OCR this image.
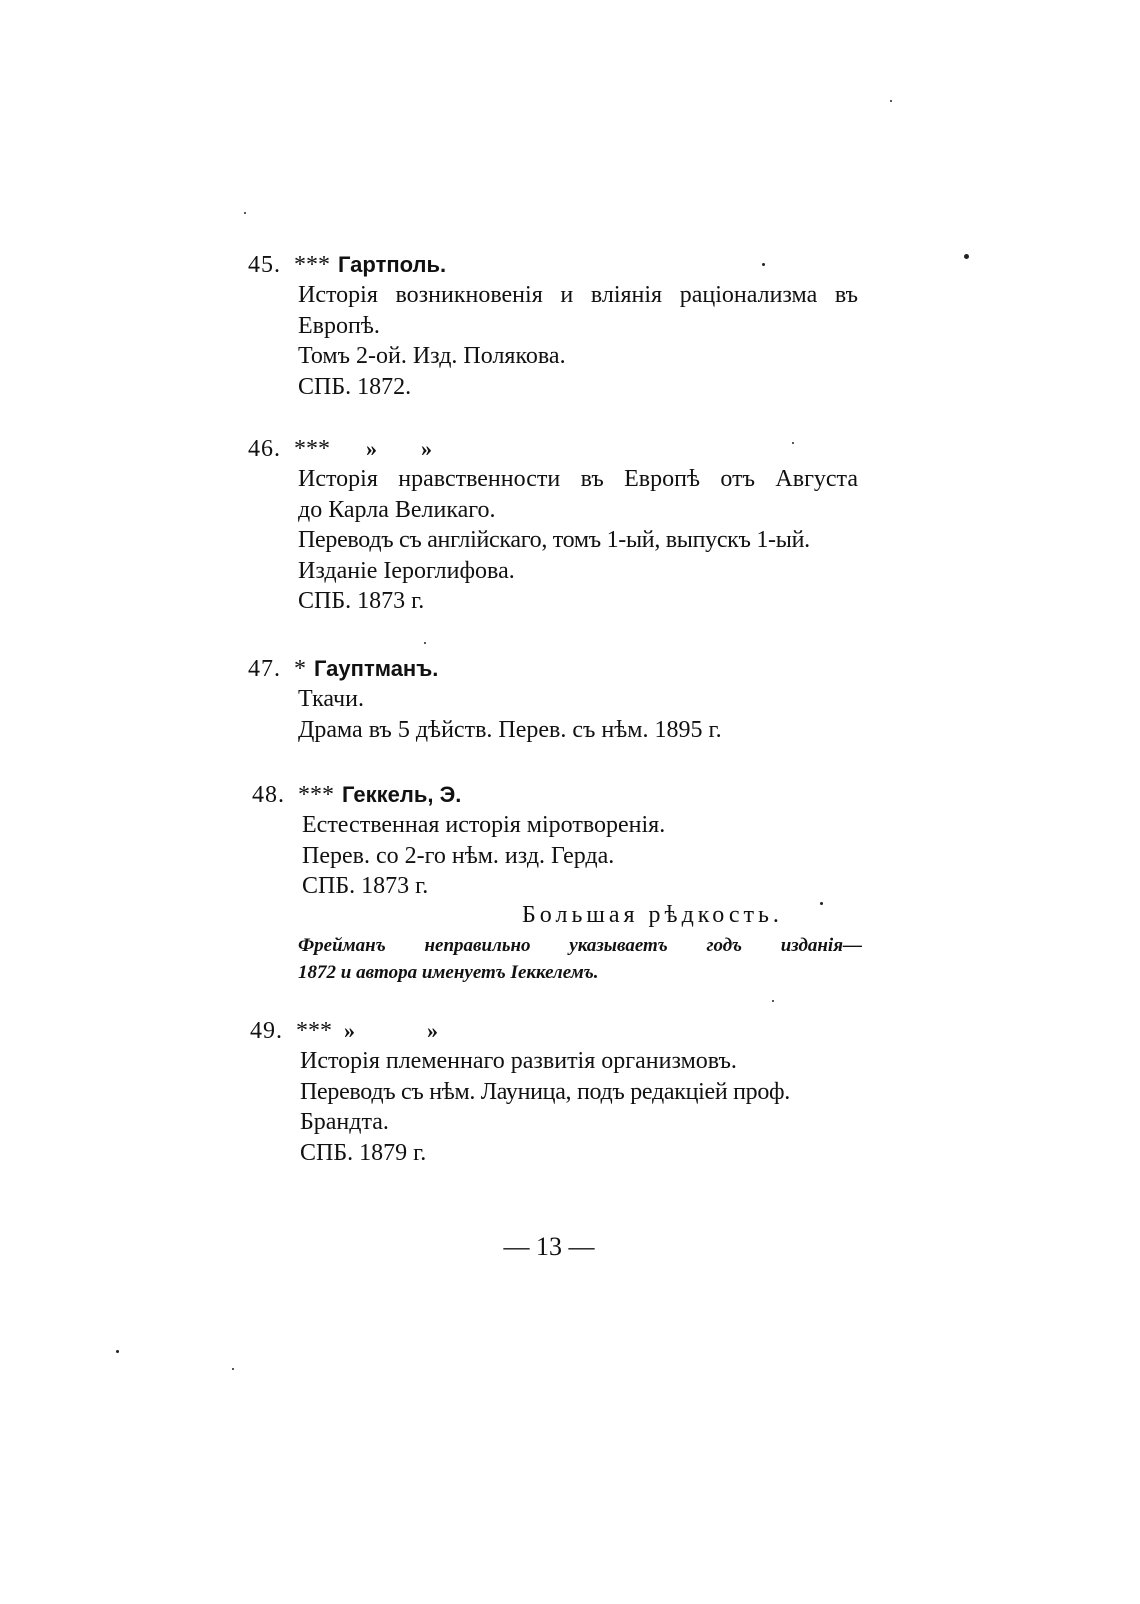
45. *** Гартполь.
Исторія возникновенія и вліянія раціонализма въ
Европѣ.
Томъ 2-ой. Изд. Полякова.
СПБ. 1872.
46. *** » »
Исторія нравственности въ Европѣ отъ Августа
до Карла Великаго.
Переводъ съ англійскаго, томъ 1-ый, выпускъ 1-ый.
Изданіе Іероглифова.
СПБ. 1873 г.
47. * Гауптманъ.
Ткачи.
Драма въ 5 дѣйств. Перев. съ нѣм. 1895 г.
48. *** Геккель, Э.
Естественная исторія міротворенія.
Перев. со 2-го нѣм. изд. Герда.
СПБ. 1873 г.
Большая рѣдкость.
Фрейманъ неправильно указываетъ годъ изданія—
1872 и автора именуетъ Іеккелемъ.
49. *** »	»
Исторія племеннаго развитія организмовъ.
Переводъ съ нѣм. Лауница, подъ редакціей проф.
Брандта.
СПБ. 1879 г.
— 13 —
